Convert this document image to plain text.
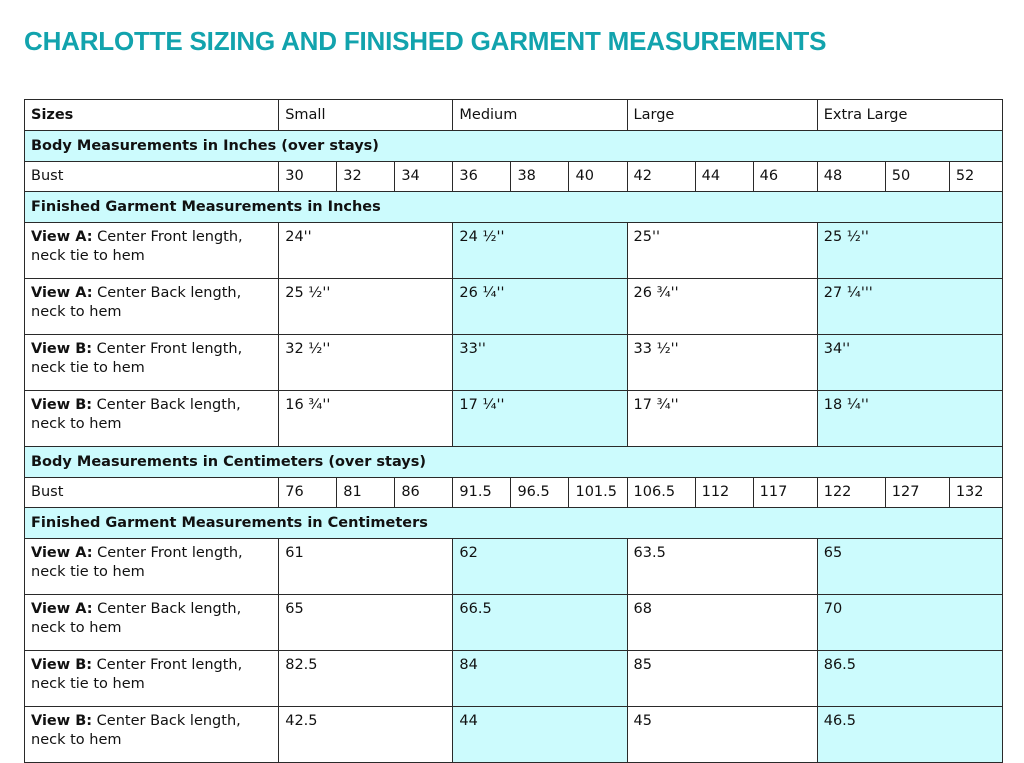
CHARLOTTE SIZING AND FINISHED GARMENT MEASUREMENTS
Sizes	Small			Medium			Large			Extra Large		
Body Measurements in Inches (over stays)												
Bust	30	32	34	36	38	40	42	44	46	48	50	52
Finished Garment Measurements in Inches												
View A: Center Front length, neck tie to hem	24''			24 ½''			25''			25 ½''		
View A: Center Back length, neck to hem	25 ½''			26 ¼''			26 ¾''			27 ¼'''		
View B: Center Front length, neck tie to hem	32 ½''			33''			33 ½''			34''		
View B: Center Back length, neck to hem	16 ¾''			17 ¼''			17 ¾''			18 ¼''		
Body Measurements in Centimeters (over stays)												
Bust	76	81	86	91.5	96.5	101.5	106.5	112	117	122	127	132
Finished Garment Measurements in Centimeters												
View A: Center Front length, neck tie to hem	61			62			63.5			65		
View A: Center Back length, neck to hem	65			66.5			68			70		
View B: Center Front length, neck tie to hem	82.5			84			85			86.5		
View B: Center Back length, neck to hem	42.5			44			45			46.5		
